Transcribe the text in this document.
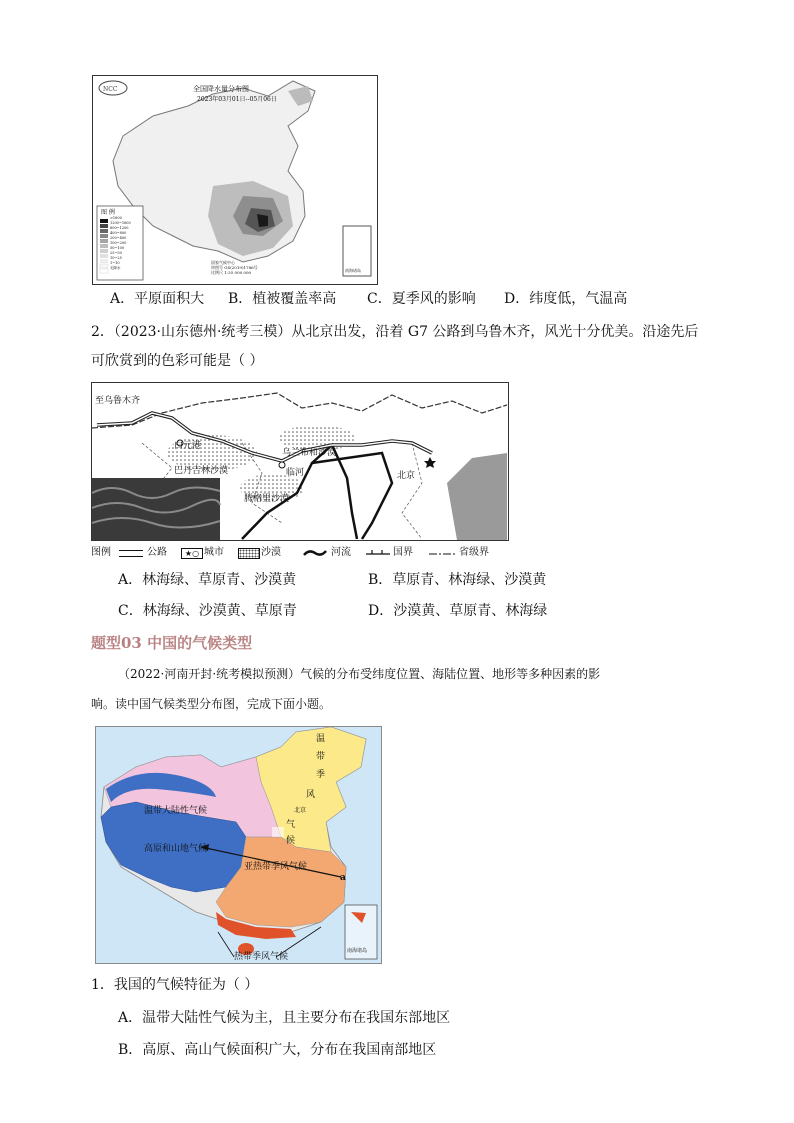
NCC	全国降水量分布图
2023年03月01日--05月06日
图 例
>1600
1200~1600
800~1200
400~800
200~400
100~200
50~100
25~50
10~25
1~10
无降水
国家气候中心
审图号 GS(2019)1786号
比例尺 1:35 000 000	南海诸岛
A．平原面积大 B．植被覆盖率高 C．夏季风的影响 D．纬度低，气温高
2．（2023·山东德州·统考三模）从北京出发，沿着 G7 公路到乌鲁木齐，风光十分优美。沿途先后
可欣赏到的色彩可能是（ ）
至乌鲁木齐
白元港
巴丹吉林沙漠
乌兰布和沙漠
临河
腾格里沙漠
北京
图例	公路	★○ 城市	沙漠	河流	国界	省级界
A．林海绿、草原青、沙漠黄	B．草原青、林海绿、沙漠黄
C．林海绿、沙漠黄、草原青	D．沙漠黄、草原青、林海绿
题型03 中国的气候类型
（2022·河南开封·统考模拟预测）气候的分布受纬度位置、海陆位置、地形等多种因素的影
响。读中国气候类型分布图，完成下面小题。
温带大陆性气候
高原和山地气候
亚热带季风气候
热带季风气候
温
带
季
风
气
候
北京
a
南海诸岛
1．我国的气候特征为（ ）
A．温带大陆性气候为主，且主要分布在我国东部地区
B．高原、高山气候面积广大，分布在我国南部地区
